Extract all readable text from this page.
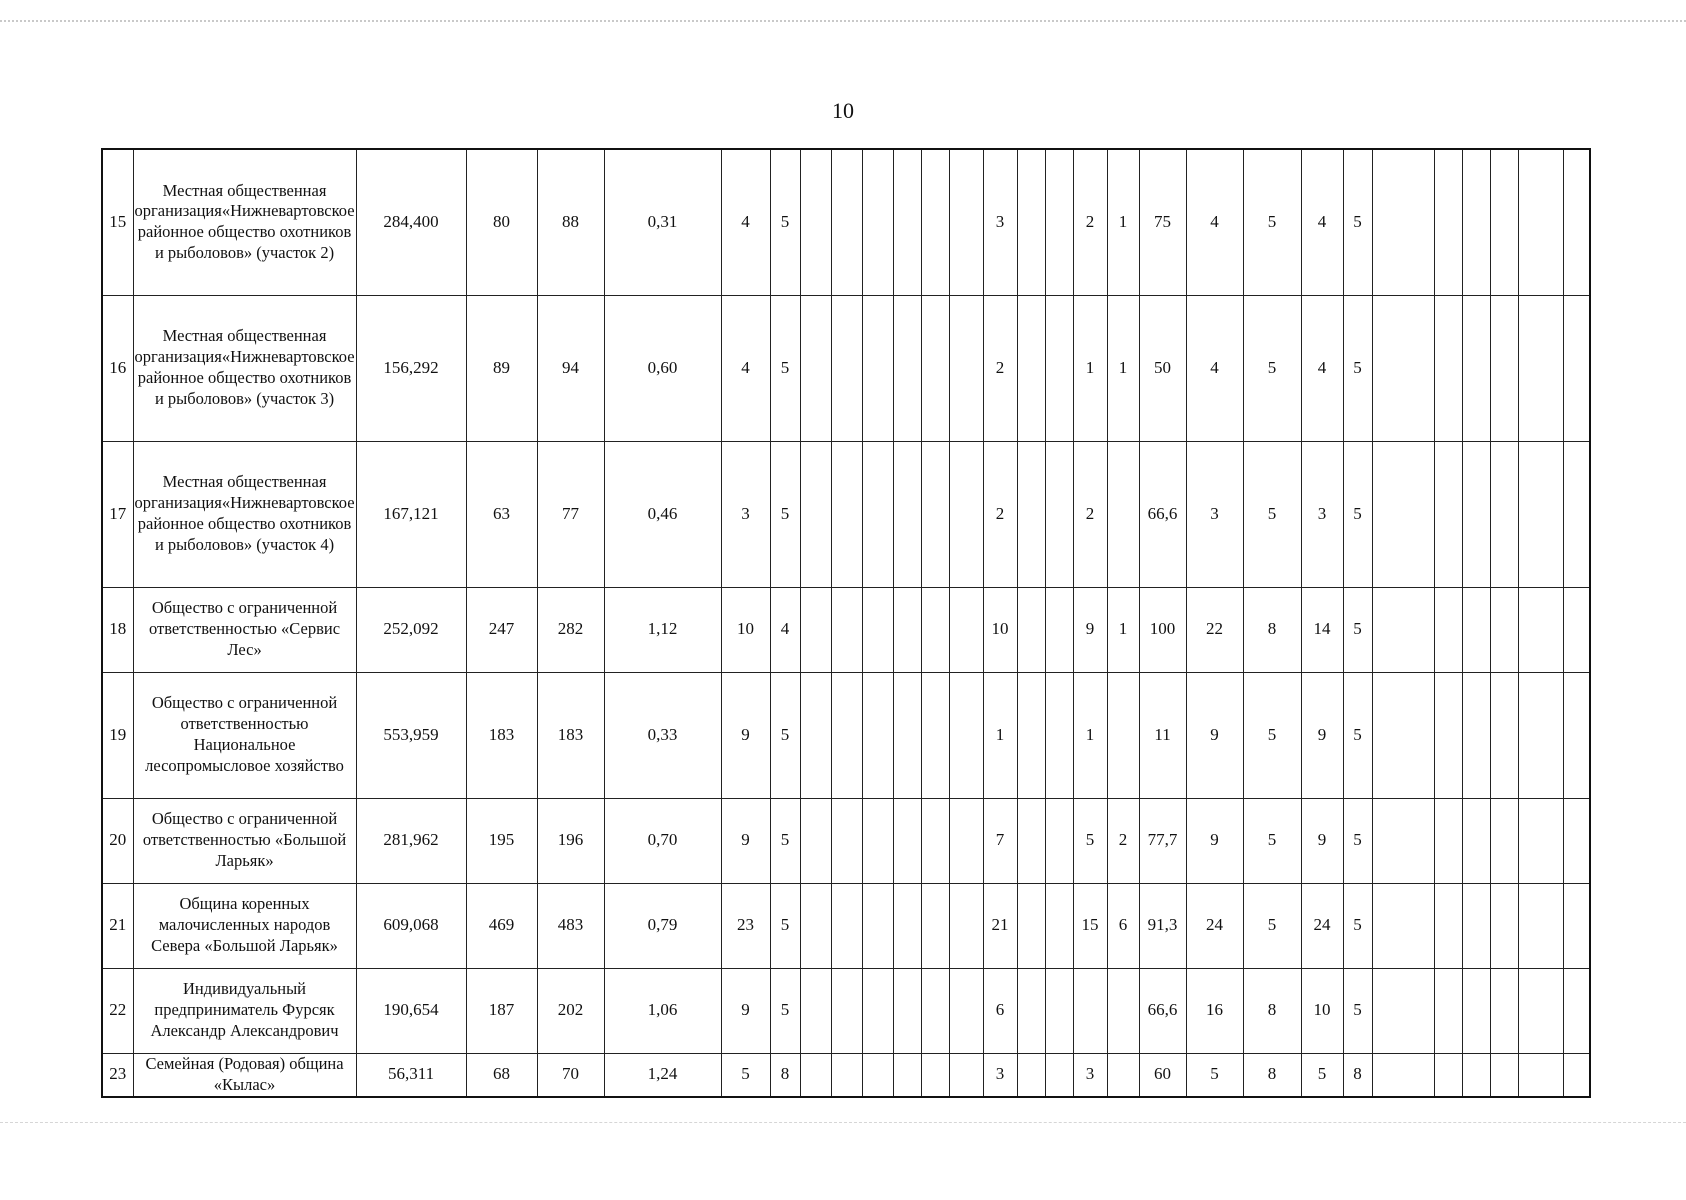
10
15	Местная общественная организация«Нижневартовское районное общество охотников и рыболовов» (участок 2)	284,400	80	88	0,31	4	5							3			2	1	75	4	5	4	5						
16	Местная общественная организация«Нижневартовское районное общество охотников и рыболовов» (участок 3)	156,292	89	94	0,60	4	5							2			1	1	50	4	5	4	5						
17	Местная общественная организация«Нижневартовское районное общество охотников и рыболовов» (участок 4)	167,121	63	77	0,46	3	5							2			2		66,6	3	5	3	5						
18	Общество с ограниченной ответственностью «Сервис Лес»	252,092	247	282	1,12	10	4							10			9	1	100	22	8	14	5						
19	Общество с ограниченной ответственностью Национальное лесопромысловое хозяйство	553,959	183	183	0,33	9	5							1			1		11	9	5	9	5						
20	Общество с ограниченной ответственностью «Большой Ларьяк»	281,962	195	196	0,70	9	5							7			5	2	77,7	9	5	9	5						
21	Община коренных малочисленных народов Севера «Большой Ларьяк»	609,068	469	483	0,79	23	5							21			15	6	91,3	24	5	24	5						
22	Индивидуальный предприниматель Фурсяк Александр Александрович	190,654	187	202	1,06	9	5							6					66,6	16	8	10	5						
23	Семейная (Родовая) община «Кылас»	56,311	68	70	1,24	5	8							3			3		60	5	8	5	8						
